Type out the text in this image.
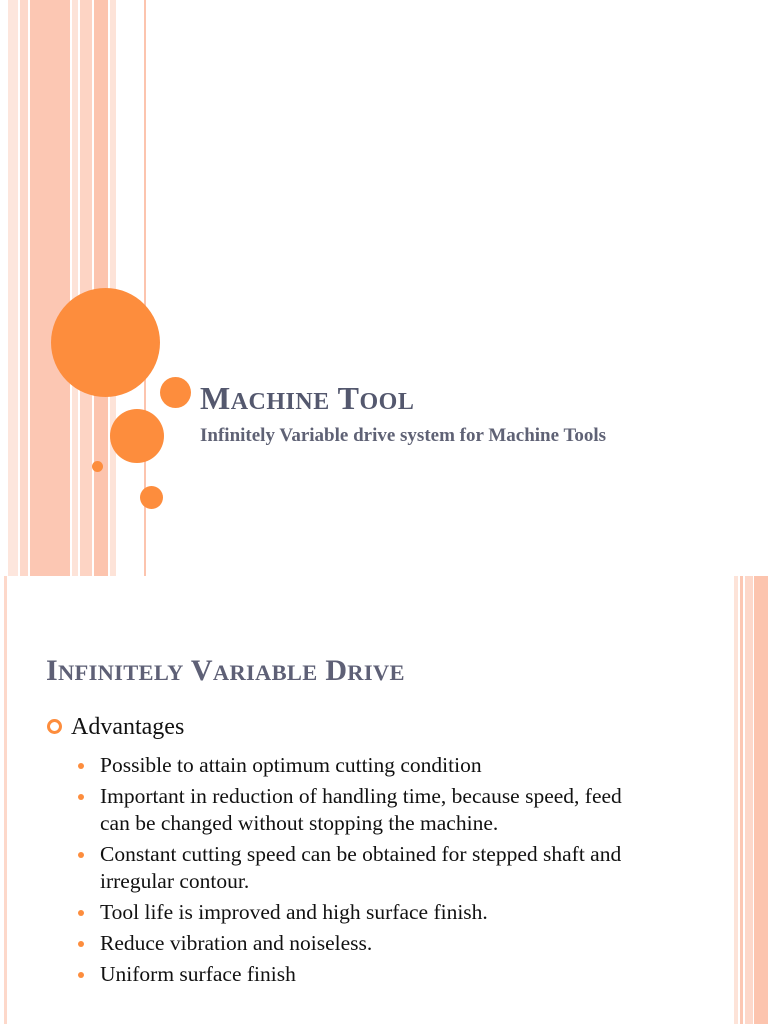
MACHINE TOOL

Infinitely Variable drive system for Machine Tools

INFINITELY VARIABLE DRIVE

Advantages

Possible to attain optimum cutting condition
Important in reduction of handling time, because speed, feed can be changed without stopping the machine.
Constant cutting speed can be obtained for stepped shaft and irregular contour.
Tool life is improved and high surface finish.
Reduce vibration and noiseless.
Uniform surface finish
